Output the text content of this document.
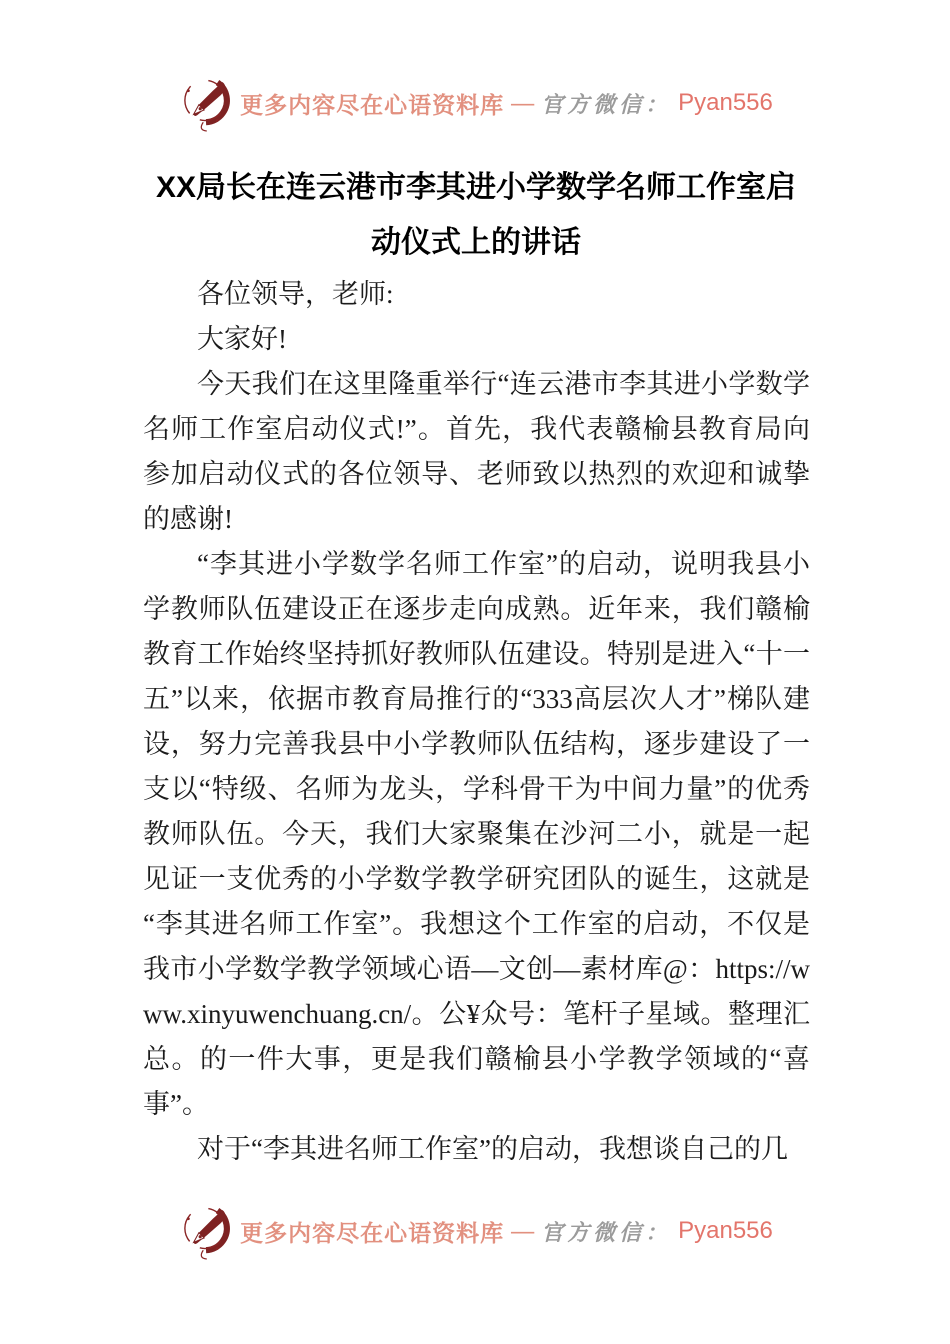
更多内容尽在心语资料库 — 官方微信： Pyan556
XX局长在连云港市李其进小学数学名师工作室启动仪式上的讲话

各位领导，老师:

大家好!

今天我们在这里隆重举行“连云港市李其进小学数学名师工作室启动仪式!”。首先，我代表赣榆县教育局向参加启动仪式的各位领导、老师致以热烈的欢迎和诚挚的感谢!

“李其进小学数学名师工作室”的启动，说明我县小学教师队伍建设正在逐步走向成熟。近年来，我们赣榆教育工作始终坚持抓好教师队伍建设。特别是进入“十一五”以来，依据市教育局推行的“333高层次人才”梯队建设，努力完善我县中小学教师队伍结构，逐步建设了一支以“特级、名师为龙头，学科骨干为中间力量”的优秀教师队伍。今天，我们大家聚集在沙河二小，就是一起见证一支优秀的小学数学教学研究团队的诞生，这就是“李其进名师工作室”。我想这个工作室的启动，不仅是我市小学数学教学领域心语—文创—素材库@：https://www.xinyuwenchuang.cn/。公¥众号：笔杆子星域。整理汇总。的一件大事，更是我们赣榆县小学教学领域的“喜事”。

对于“李其进名师工作室”的启动，我想谈自己的几

更多内容尽在心语资料库 — 官方微信： Pyan556
